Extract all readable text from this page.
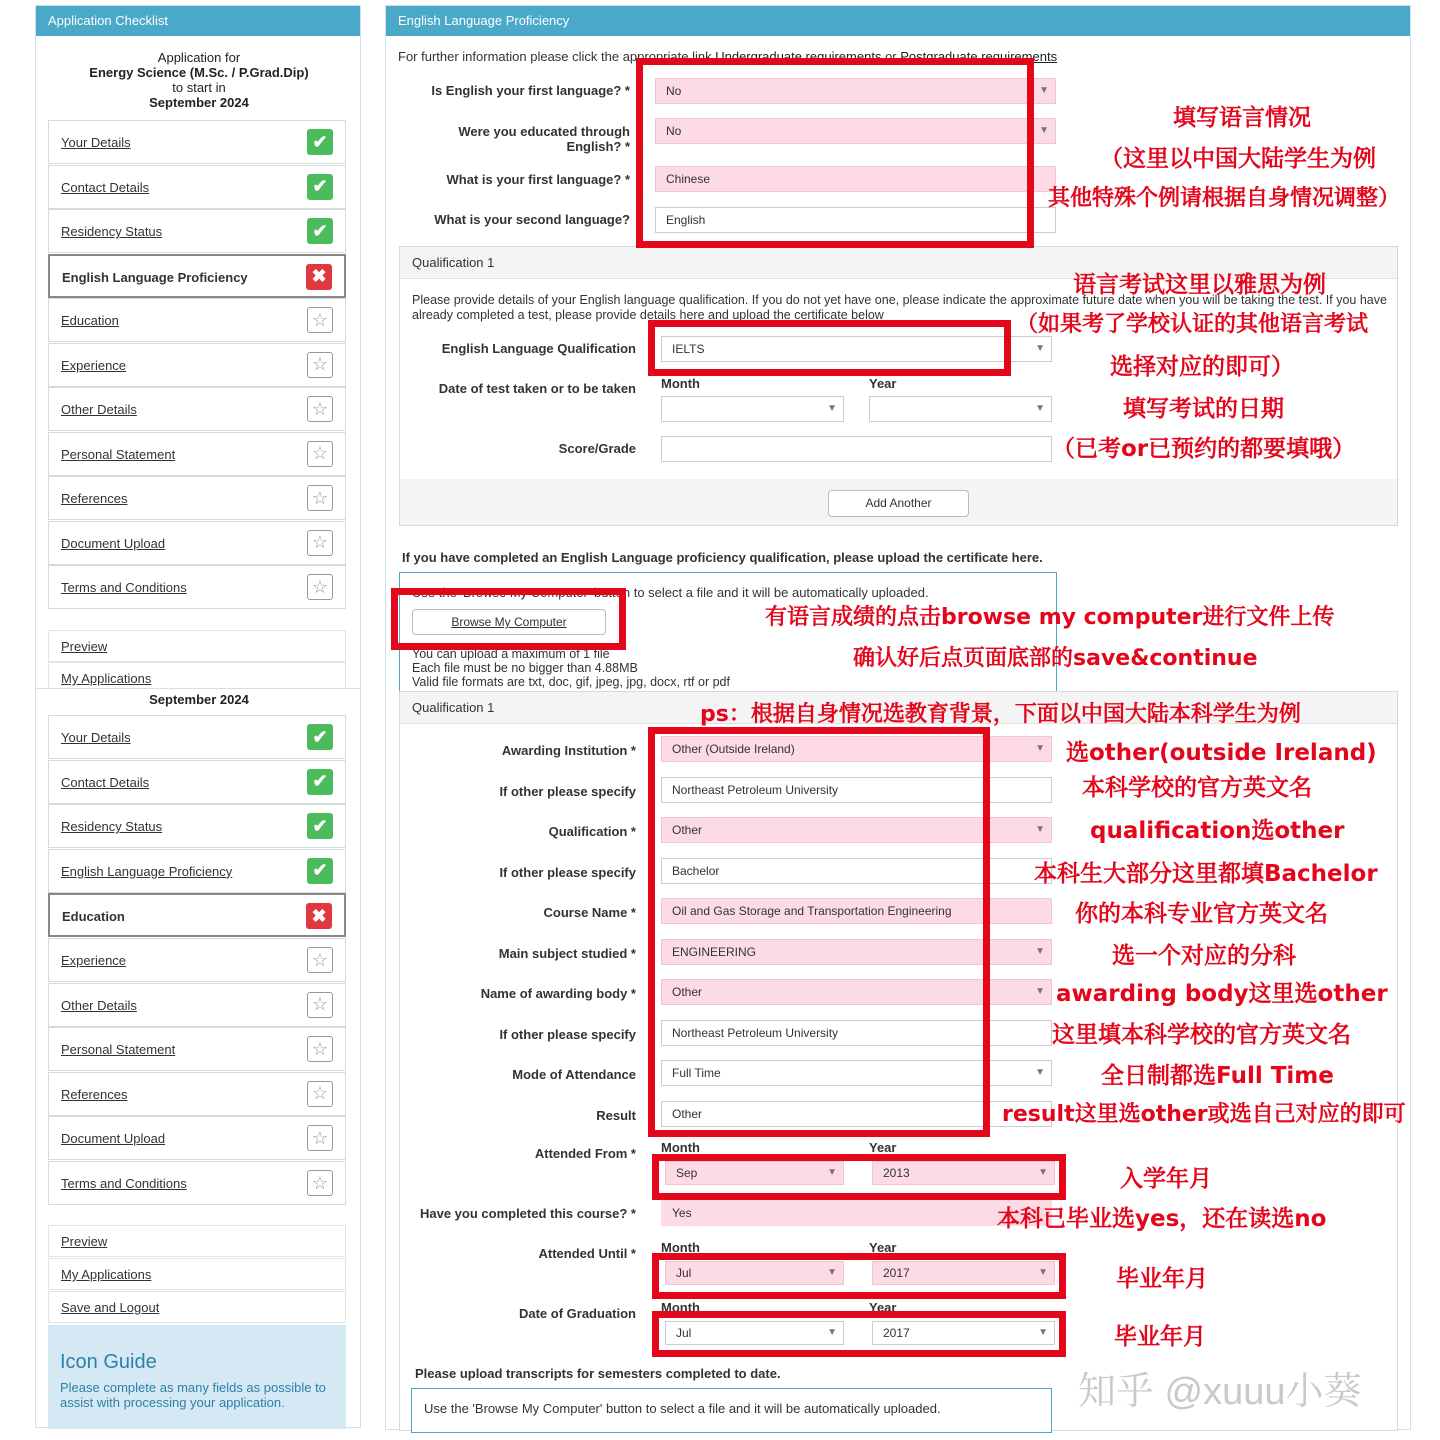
Application Checklist
Application for
Energy Science (M.Sc. / P.Grad.Dip)
to start in
September 2024
Your Details	✔
Contact Details	✔
Residency Status	✔
English Language Proficiency	✖
Education	☆
Experience	☆
Other Details	☆
Personal Statement	☆
References	☆
Document Upload	☆
Terms and Conditions	☆
Preview
My Applications
September 2024
Your Details	✔
Contact Details	✔
Residency Status	✔
English Language Proficiency	✔
Education	✖
Experience	☆
Other Details	☆
Personal Statement	☆
References	☆
Document Upload	☆
Terms and Conditions	☆
Preview
My Applications
Save and Logout
Icon Guide
Please complete as many fields as possible to assist with processing your application.
English Language Proficiency
For further information please click the appropriate link Undergraduate requirements or Postgraduate requirements
Is English your first language? *	No	▼
Were you educated through English? *
No	▼
What is your first language? *	Chinese
What is your second language?	English
Qualification 1
Please provide details of your English language qualification. If you do not yet have one, please indicate the approximate future date when you will be taking the test. If you have already completed a test, please provide details here and upload the certificate below
English Language Qualification	IELTS	▼
Date of test taken or to be taken Month	Year
▼	▼
Score/Grade
Add Another
If you have completed an English Language proficiency qualification, please upload the certificate here.
Use the 'Browse My Computer' button to select a file and it will be automatically uploaded.
Browse My Computer
You can upload a maximum of 1 file
Each file must be no bigger than 4.88MB
Valid file formats are txt, doc, gif, jpeg, jpg, docx, rtf or pdf
Qualification 1
Awarding Institution *	Other (Outside Ireland)	▼
If other please specify	Northeast Petroleum University
Qualification *	Other	▼
If other please specify	Bachelor
Course Name *	Oil and Gas Storage and Transportation Engineering
Main subject studied *	ENGINEERING	▼
Name of awarding body *	Other	▼
If other please specify	Northeast Petroleum University
Mode of Attendance	Full Time	▼
Result	Other
Attended From * Month	Year
Sep	▼	2013	▼
Have you completed this course? *	Yes
Attended Until * Month	Year
Jul	▼	2017	▼
Date of Graduation Month	Year
Jul	▼	2017	▼
Please upload transcripts for semesters completed to date.
Use the 'Browse My Computer' button to select a file and it will be automatically uploaded.
填写语言情况
（这里以中国大陆学生为例
其他特殊个例请根据自身情况调整）
语言考试这里以雅思为例
（如果考了学校认证的其他语言考试
选择对应的即可）
填写考试的日期
（已考or已预约的都要填哦）
有语言成绩的点击browse my computer进行文件上传
确认好后点页面底部的save&continue
ps：根据自身情况选教育背景，下面以中国大陆本科学生为例
选other(outside Ireland)
本科学校的官方英文名
qualification选other
本科生大部分这里都填Bachelor
你的本科专业官方英文名
选一个对应的分科
awarding body这里选other
这里填本科学校的官方英文名
全日制都选Full Time
result这里选other或选自己对应的即可
入学年月
本科已毕业选yes，还在读选no
毕业年月
毕业年月
知乎 @xuuu小葵
